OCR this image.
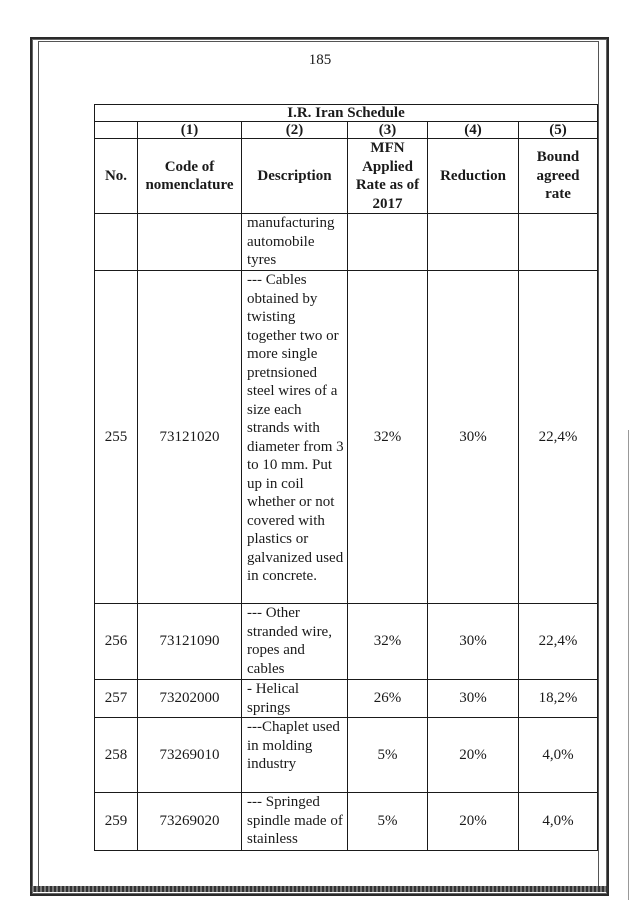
185
I.R. Iran Schedule					
	(1)	(2)	(3)	(4)	(5)
No.	Code of nomenclature	Description	MFN Applied Rate as of 2017	Reduction	Bound agreed rate
		manufacturing automobile tyres			
255	73121020	--- Cables obtained by twisting together two or more single pretnsioned steel wires of a size each strands with diameter from 3 to 10 mm. Put up in coil whether or not covered with plastics or galvanized used in concrete.	32%	30%	22,4%
256	73121090	--- Other stranded wire, ropes and cables	32%	30%	22,4%
257	73202000	- Helical springs	26%	30%	18,2%
258	73269010	---Chaplet used in molding industry	5%	20%	4,0%
259	73269020	--- Springed spindle made of stainless	5%	20%	4,0%
